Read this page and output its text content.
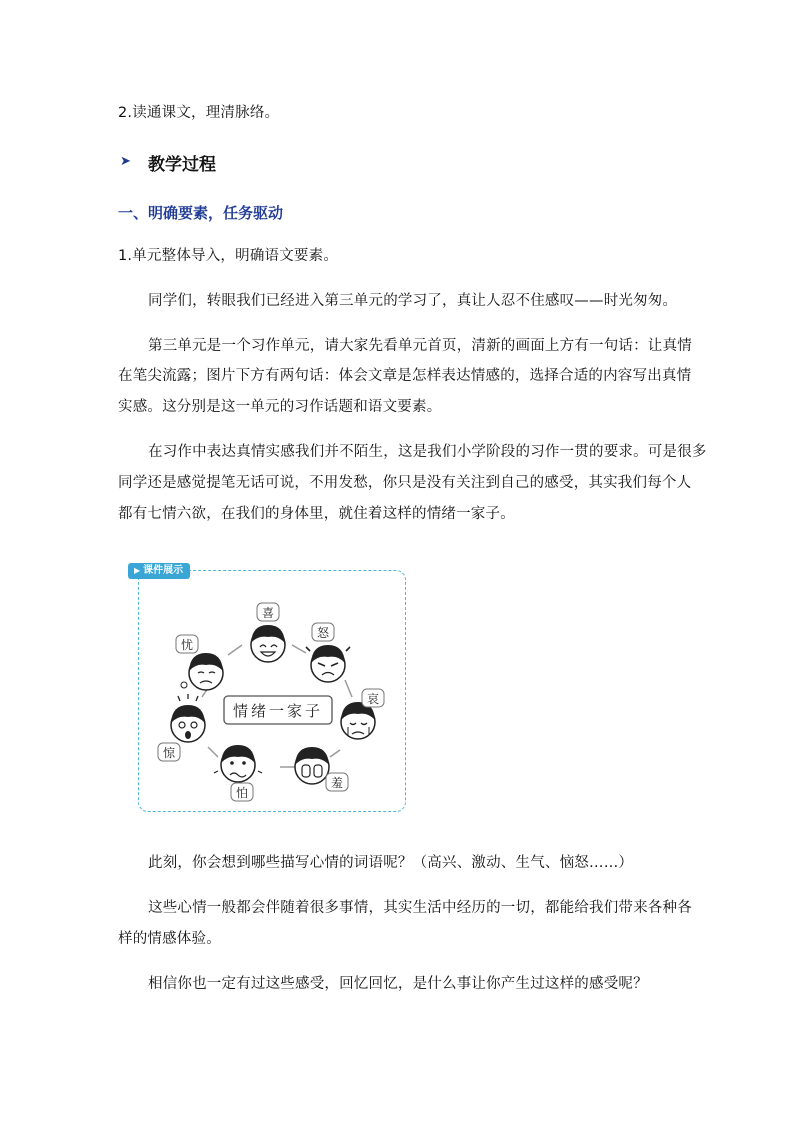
2.读通课文，理清脉络。
➤ 教学过程
一、明确要素，任务驱动
1.单元整体导入，明确语文要素。
同学们，转眼我们已经进入第三单元的学习了，真让人忍不住感叹——时光匆匆。
第三单元是一个习作单元，请大家先看单元首页，清新的画面上方有一句话：让真情
在笔尖流露；图片下方有两句话：体会文章是怎样表达情感的，选择合适的内容写出真情
实感。这分别是这一单元的习作话题和语文要素。
在习作中表达真情实感我们并不陌生，这是我们小学阶段的习作一贯的要求。可是很多
同学还是感觉提笔无话可说，不用发愁，你只是没有关注到自己的感受，其实我们每个人
都有七情六欲，在我们的身体里，就住着这样的情绪一家子。
▶ 课件展示
情绪一家子
喜
怒
哀
羞
怕
惊
忧
此刻，你会想到哪些描写心情的词语呢？（高兴、激动、生气、恼怒……）
这些心情一般都会伴随着很多事情，其实生活中经历的一切，都能给我们带来各种各
样的情感体验。
相信你也一定有过这些感受，回忆回忆，是什么事让你产生过这样的感受呢？
